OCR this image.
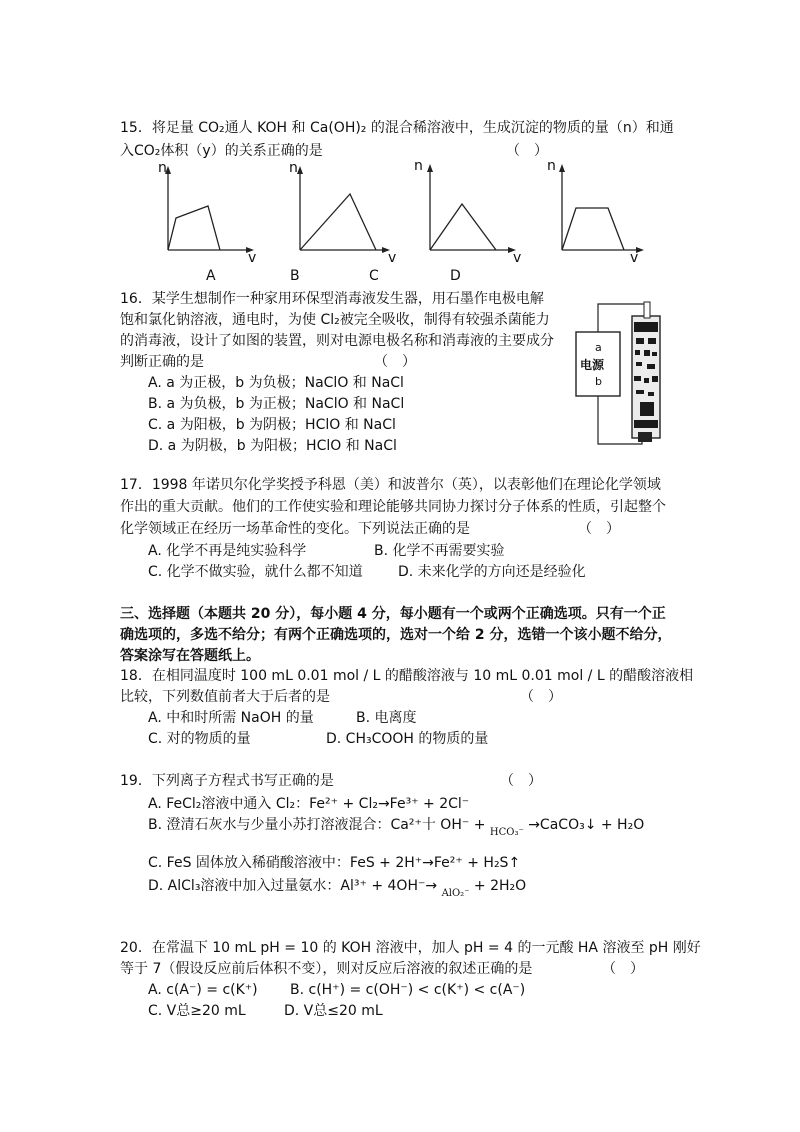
15．将足量 CO₂通人 KOH 和 Ca(OH)₂ 的混合稀溶液中，生成沉淀的物质的量（n）和通
入CO₂体积（y）的关系正确的是	（　）
n
v
n
v
n
v
n
v
A	B	C	D
16．某学生想制作一种家用环保型消毒液发生器，用石墨作电极电解
饱和氯化钠溶液，通电时，为使 Cl₂被完全吸收，制得有较强杀菌能力
的消毒液，设计了如图的装置，则对电源电极名称和消毒液的主要成分
判断正确的是	（　）
A. a 为正极，b 为负极；NaClO 和 NaCl
B. a 为负极，b 为正极；NaClO 和 NaCl
C. a 为阳极，b 为阴极；HClO 和 NaCl
D. a 为阴极，b 为阳极；HClO 和 NaCl
电源
a
b
17．1998 年诺贝尔化学奖授予科恩（美）和波普尔（英），以表彰他们在理论化学领域
作出的重大贡献。他们的工作使实验和理论能够共同协力探讨分子体系的性质，引起整个
化学领域正在经历一场革命性的变化。下列说法正确的是	（　）
A. 化学不再是纯实验科学	B. 化学不再需要实验
C. 化学不做实验，就什么都不知道	D. 未来化学的方向还是经验化
三、选择题（本题共 20 分），每小题 4 分，每小题有一个或两个正确选项。只有一个正
确选项的，多选不给分；有两个正确选项的，选对一个给 2 分，选错一个该小题不给分，
答案涂写在答题纸上。
18．在相同温度时 100 mL 0.01 mol / L 的醋酸溶液与 10 mL 0.01 mol / L 的醋酸溶液相
比较，下列数值前者大于后者的是	（　）
A. 中和时所需 NaOH 的量	B. 电离度
C. 对的物质的量	D. CH₃COOH 的物质的量
19．下列离子方程式书写正确的是	（　）
A. FeCl₂溶液中通入 Cl₂：Fe²⁺ + Cl₂→Fe³⁺ + 2Cl⁻
B. 澄清石灰水与少量小苏打溶液混合：Ca²⁺十 OH⁻ + $_{HCO_3^-}$ →CaCO₃↓ + H₂O
C. FeS 固体放入稀硝酸溶液中：FeS + 2H⁺→Fe²⁺ + H₂S↑
D. AlCl₃溶液中加入过量氨水：Al³⁺ + 4OH⁻→ $_{AlO_2^-}$ + 2H₂O
20．在常温下 10 mL pH = 10 的 KOH 溶液中，加人 pH = 4 的一元酸 HA 溶液至 pH 刚好
等于 7（假设反应前后体积不变），则对反应后溶液的叙述正确的是	（　）
A. c(A⁻) = c(K⁺) B. c(H⁺) = c(OH⁻) < c(K⁺) < c(A⁻)
C. V总≥20 mL	D. V总≤20 mL
